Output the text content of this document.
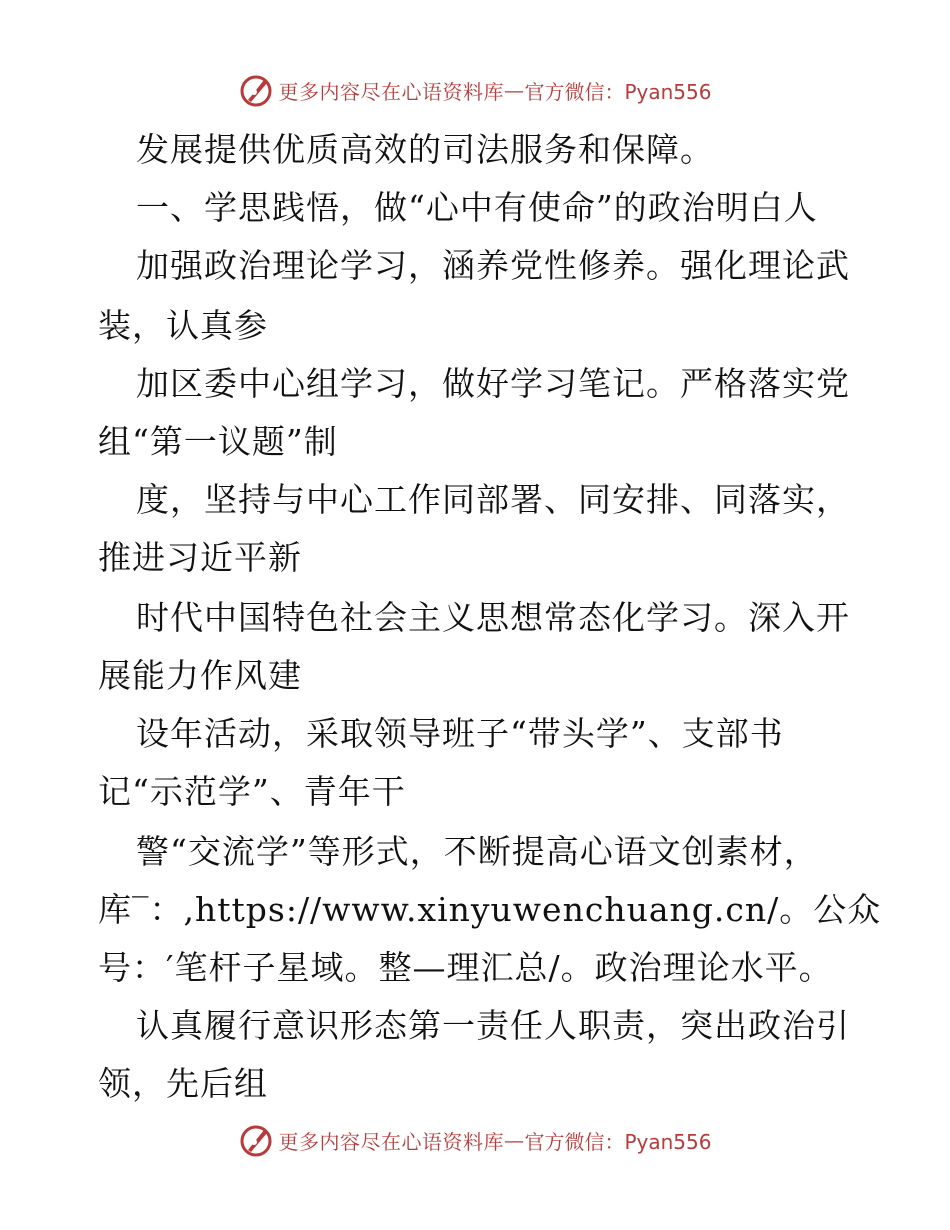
更多内容尽在心语资料库 — 官方微信：Pyan556
发展提供优质高效的司法服务和保障。
一、学思践悟，做“心中有使命”的政治明白人
加强政治理论学习，涵养党性修养。强化理论武
装，认真参
加区委中心组学习，做好学习笔记。严格落实党
组“第一议题”制
度，坚持与中心工作同部署、同安排、同落实，
推进习近平新
时代中国特色社会主义思想常态化学习。深入开
展能力作风建
设年活动，采取领导班子“带头学”、支部书
记“示范学”、青年干
警“交流学”等形式，不断提高心语文创素材，
库‾：,https://www.xinyuwenchuang.cn/。公众
号：′笔杆子星域。整—理汇总/。政治理论水平。
认真履行意识形态第一责任人职责，突出政治引
领，先后组
更多内容尽在心语资料库 — 官方微信：Pyan556
